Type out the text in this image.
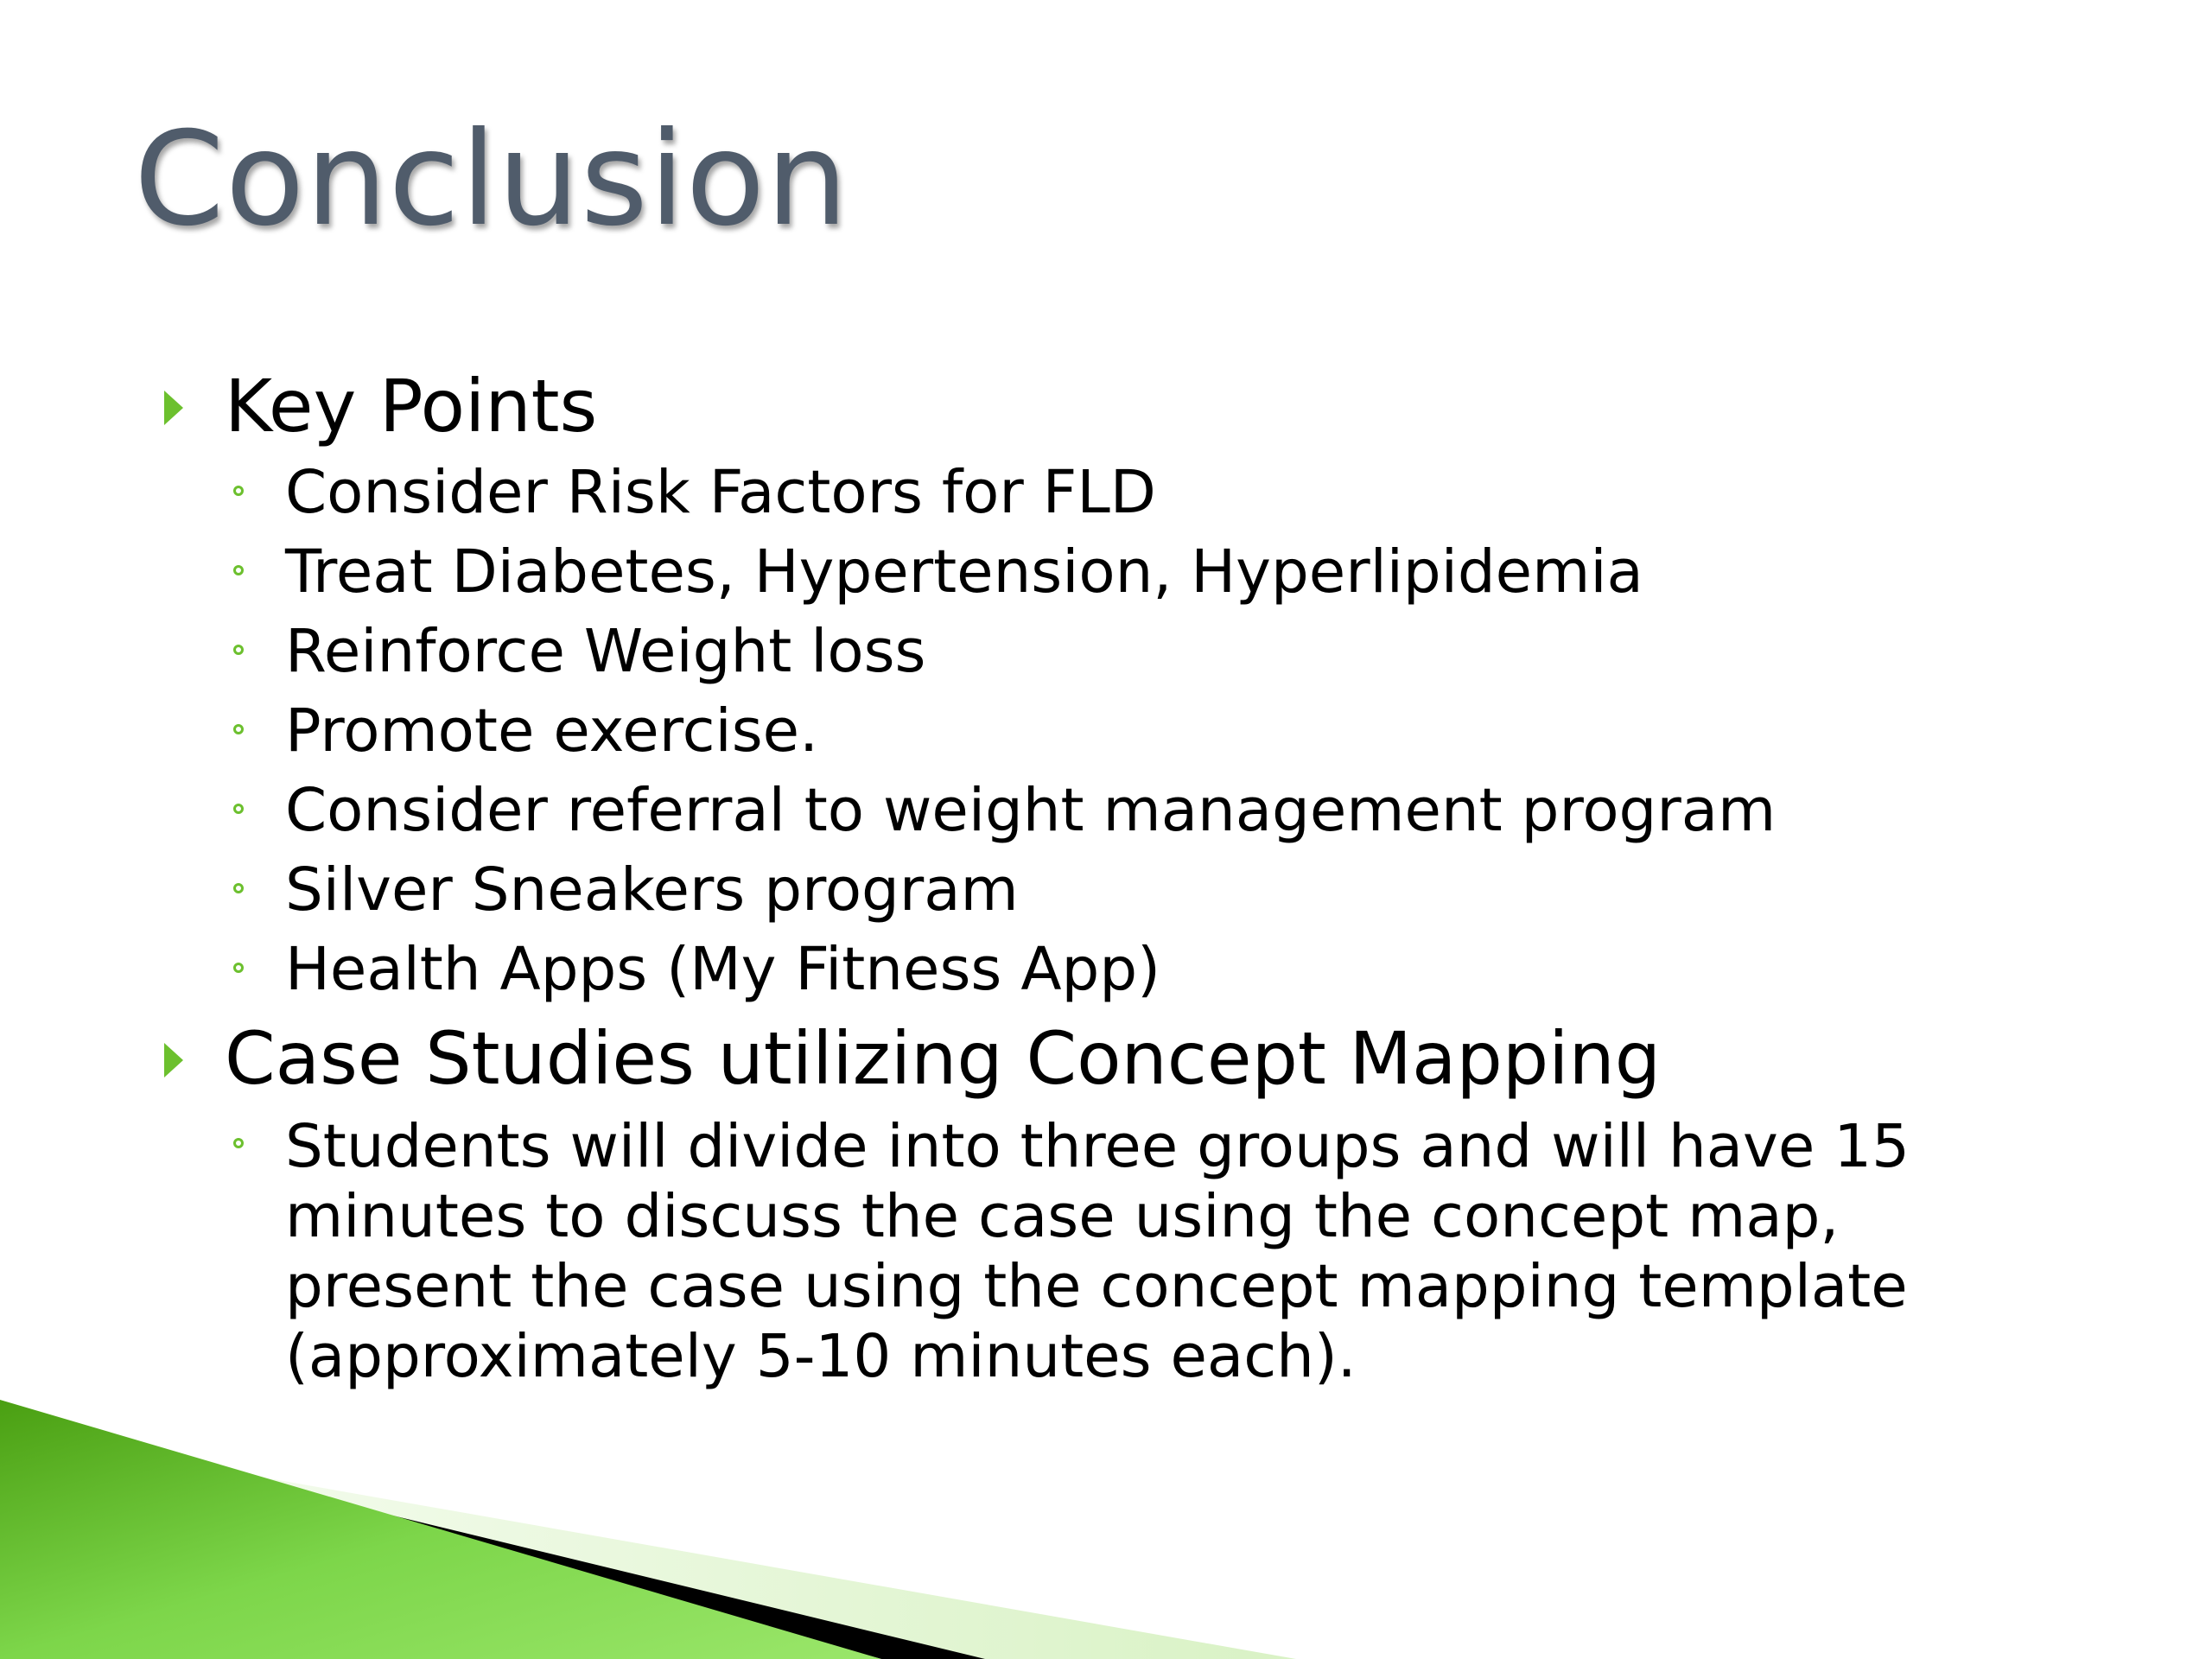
Conclusion
Key Points
Consider Risk Factors for FLD
Treat Diabetes, Hypertension, Hyperlipidemia
Reinforce Weight loss
Promote exercise.
Consider referral to weight management program
Silver Sneakers program
Health Apps (My Fitness App)
Case Studies utilizing Concept Mapping
Students will divide into three groups and will have 15 minutes to discuss the case using the concept map, present the case using the concept mapping template (approximately 5-10 minutes each).
